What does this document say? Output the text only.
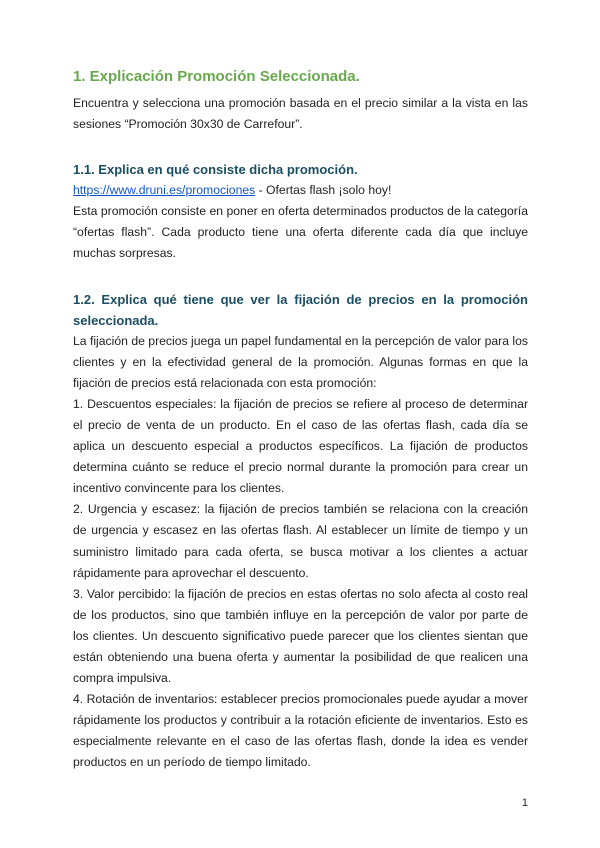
1. Explicación Promoción Seleccionada.

Encuentra y selecciona una promoción basada en el precio similar a la vista en las sesiones “Promoción 30x30 de Carrefour”.

1.1. Explica en qué consiste dicha promoción.

https://www.druni.es/promociones - Ofertas flash ¡solo hoy!

Esta promoción consiste en poner en oferta determinados productos de la categoría “ofertas flash”. Cada producto tiene una oferta diferente cada día que incluye muchas sorpresas.

1.2. Explica qué tiene que ver la fijación de precios en la promoción seleccionada.

La fijación de precios juega un papel fundamental en la percepción de valor para los clientes y en la efectividad general de la promoción. Algunas formas en que la fijación de precios está relacionada con esta promoción:

1. Descuentos especiales: la fijación de precios se refiere al proceso de determinar el precio de venta de un producto. En el caso de las ofertas flash, cada día se aplica un descuento especial a productos específicos. La fijación de productos determina cuánto se reduce el precio normal durante la promoción para crear un incentivo convincente para los clientes.

2. Urgencia y escasez: la fijación de precios también se relaciona con la creación de urgencia y escasez en las ofertas flash. Al establecer un límite de tiempo y un suministro limitado para cada oferta, se busca motivar a los clientes a actuar rápidamente para aprovechar el descuento.

3. Valor percibido: la fijación de precios en estas ofertas no solo afecta al costo real de los productos, sino que también influye en la percepción de valor por parte de los clientes. Un descuento significativo puede parecer que los clientes sientan que están obteniendo una buena oferta y aumentar la posibilidad de que realicen una compra impulsiva.

4. Rotación de inventarios: establecer precios promocionales puede ayudar a mover rápidamente los productos y contribuir a la rotación eficiente de inventarios. Esto es especialmente relevante en el caso de las ofertas flash, donde la idea es vender productos en un período de tiempo limitado.

1
